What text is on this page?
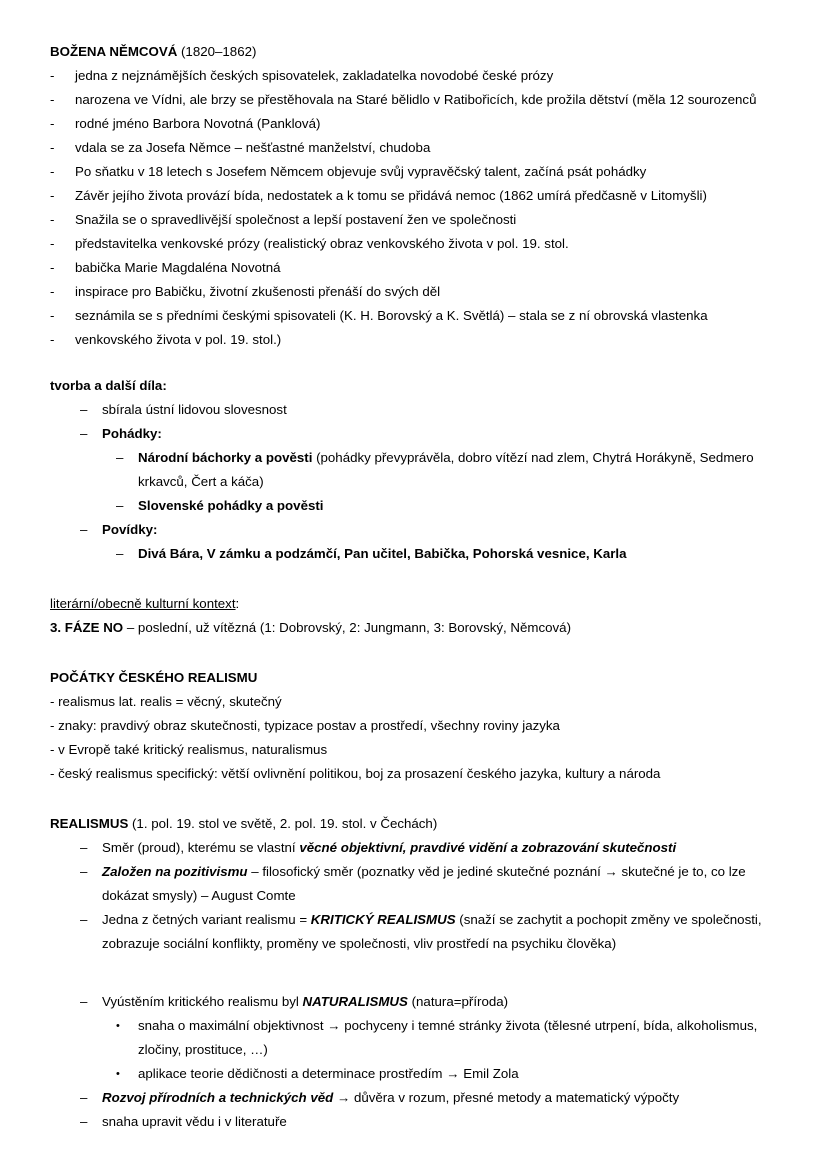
BOŽENA NĚMCOVÁ (1820–1862)

-	jedna z nejznámějších českých spisovatelek, zakladatelka novodobé české prózy
-	narozena ve Vídni, ale brzy se přestěhovala na Staré bělidlo v Ratibořicích, kde prožila dětství (měla 12 sourozenců
-	rodné jméno Barbora Novotná (Panklová)
-	vdala se za Josefa Němce – nešťastné manželství, chudoba
-	Po sňatku v 18 letech s Josefem Němcem objevuje svůj vypravěčský talent, začíná psát pohádky
-	Závěr jejího života provází bída, nedostatek a k tomu se přidává nemoc (1862 umírá předčasně v Litomyšli)
-	Snažila se o spravedlivější společnost a lepší postavení žen ve společnosti
-	představitelka venkovské prózy (realistický obraz venkovského života v pol. 19. stol.
-	babička Marie Magdaléna Novotná
-	inspirace pro Babičku, životní zkušenosti přenáší do svých děl
-	seznámila se s předními českými spisovateli (K. H. Borovský a K. Světlá) – stala se z ní obrovská vlastenka
-	venkovského života v pol. 19. stol.)

tvorba a další díla:

–	sbírala ústní lidovou slovesnost
–	Pohádky:
–	Národní báchorky a pověsti (pohádky převyprávěla, dobro vítězí nad zlem, Chytrá Horákyně, Sedmero krkavců, Čert a káča)
–	Slovenské pohádky a pověsti
–	Povídky:
–	Divá Bára, V zámku a podzámčí, Pan učitel, Babička, Pohorská vesnice, Karla

literární/obecně kulturní kontext:

3. FÁZE NO – poslední, už vítězná (1: Dobrovský, 2: Jungmann, 3: Borovský, Němcová)

POČÁTKY ČESKÉHO REALISMU

- realismus lat. realis = věcný, skutečný

- znaky: pravdivý obraz skutečnosti, typizace postav a prostředí, všechny roviny jazyka

- v Evropě také kritický realismus, naturalismus

- český realismus specifický: větší ovlivnění politikou, boj za prosazení českého jazyka, kultury a národa

REALISMUS (1. pol. 19. stol ve světě, 2. pol. 19. stol. v Čechách)

–	Směr (proud), kterému se vlastní věcné objektivní, pravdivé vidění a zobrazování skutečnosti
–	Založen na pozitivismu – filosofický směr (poznatky věd je jediné skutečné poznání → skutečné je to, co lze dokázat smysly) – August Comte
–	Jedna z četných variant realismu = KRITICKÝ REALISMUS (snaží se zachytit a pochopit změny ve společnosti, zobrazuje sociální konflikty, proměny ve společnosti, vliv prostředí na psychiku člověka)
–	Vyústěním kritického realismu byl NATURALISMUS (natura=příroda)
•	snaha o maximální objektivnost → pochyceny i temné stránky života (tělesné utrpení, bída, alkoholismus, zločiny, prostituce, …)
•	aplikace teorie dědičnosti a determinace prostředím → Emil Zola
–	Rozvoj přírodních a technických věd → důvěra v rozum, přesné metody a matematický výpočty
–	snaha upravit vědu i v literatuře
